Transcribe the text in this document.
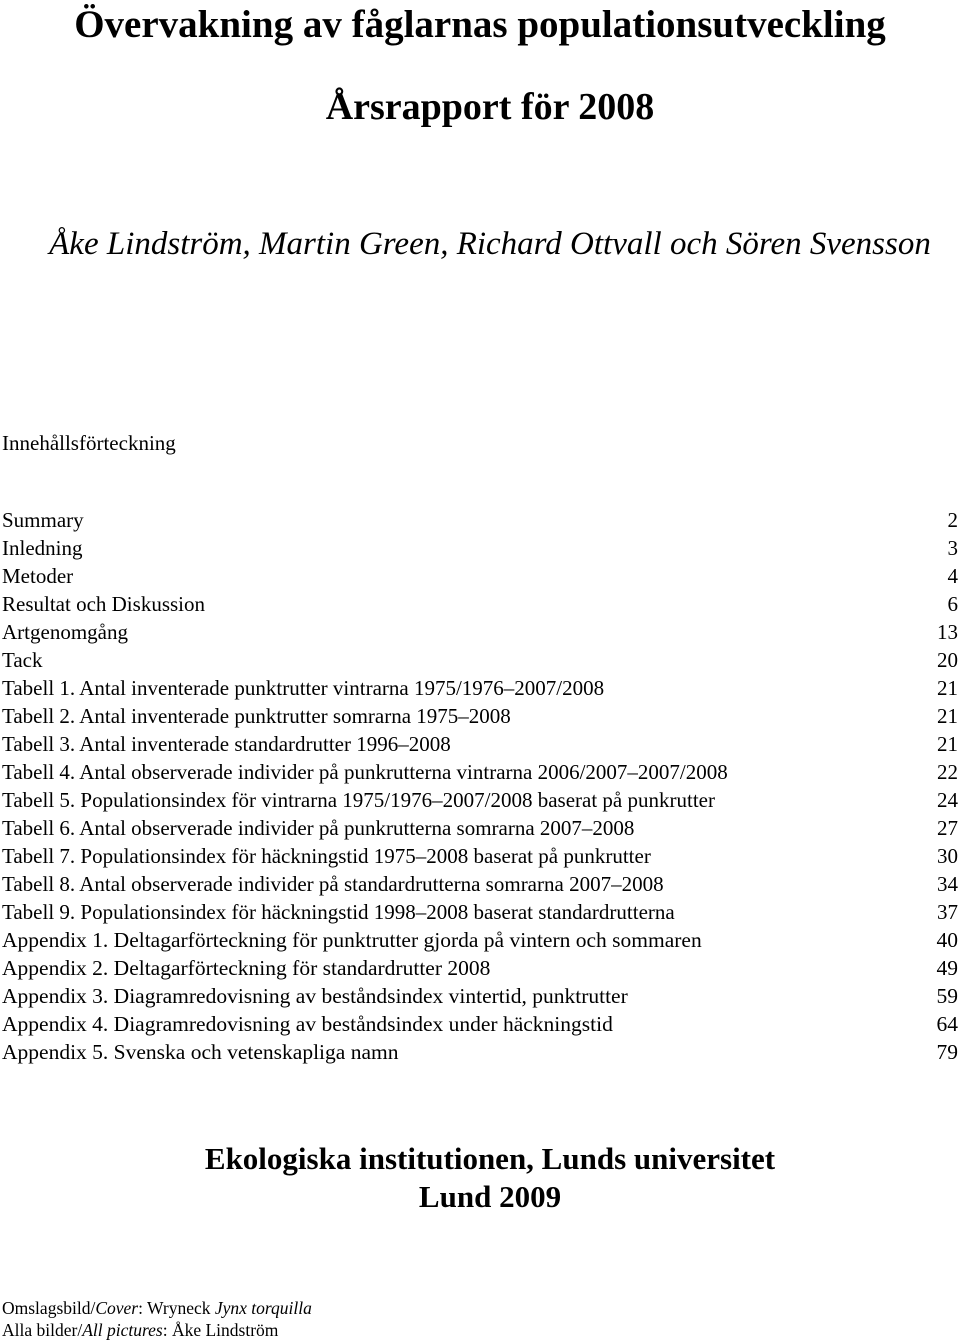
Övervakning av fåglarnas populationsutveckling
Årsrapport för 2008

Åke Lindström, Martin Green, Richard Ottvall och Sören Svensson

Innehållsförteckning
Summary	2
Inledning	3
Metoder	4
Resultat och Diskussion	6
Artgenomgång	13
Tack	20
Tabell 1. Antal inventerade punktrutter vintrarna 1975/1976–2007/2008	21
Tabell 2. Antal inventerade punktrutter somrarna 1975–2008	21
Tabell 3. Antal inventerade standardrutter 1996–2008	21
Tabell 4. Antal observerade individer på punkrutterna vintrarna 2006/2007–2007/2008	22
Tabell 5. Populationsindex för vintrarna 1975/1976–2007/2008 baserat på punkrutter	24
Tabell 6. Antal observerade individer på punkrutterna somrarna 2007–2008	27
Tabell 7. Populationsindex för häckningstid 1975–2008 baserat på punkrutter	30
Tabell 8. Antal observerade individer på standardrutterna somrarna 2007–2008	34
Tabell 9. Populationsindex för häckningstid 1998–2008 baserat standardrutterna	37
Appendix 1. Deltagarförteckning för punktrutter gjorda på vintern och sommaren	40
Appendix 2. Deltagarförteckning för standardrutter 2008	49
Appendix 3. Diagramredovisning av beståndsindex vintertid, punktrutter	59
Appendix 4. Diagramredovisning av beståndsindex under häckningstid	64
Appendix 5. Svenska och vetenskapliga namn	79

Ekologiska institutionen, Lunds universitet

Lund 2009

Omslagsbild/Cover: Wryneck Jynx torquilla
Alla bilder/All pictures: Åke Lindström
